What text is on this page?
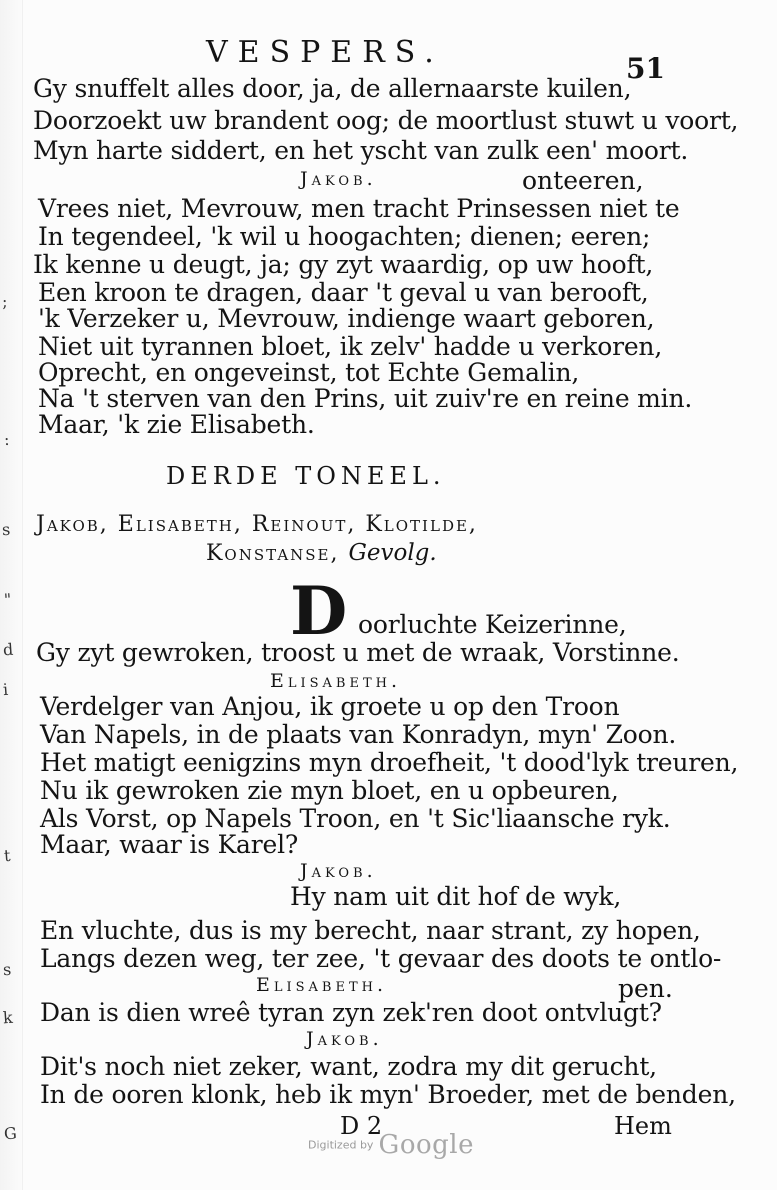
;
:
s
"
d
i
t
s
k
G
VESPERS.	51
Gy snuffelt alles door, ja, de allernaarste kuilen,
Doorzoekt uw brandent oog; de moortlust stuwt u voort,
Myn harte siddert, en het yscht van zulk een' moort.
Jakob.	onteeren,
Vrees niet, Mevrouw, men tracht Prinsessen niet te
In tegendeel, 'k wil u hoogachten; dienen; eeren;
Ik kenne u deugt, ja; gy zyt waardig, op uw hooft,
Een kroon te dragen, daar 't geval u van berooft,
'k Verzeker u, Mevrouw, indienge waart geboren,
Niet uit tyrannen bloet, ik zelv' hadde u verkoren,
Oprecht, en ongeveinst, tot Echte Gemalin,
Na 't sterven van den Prins, uit zuiv're en reine min.
Maar, 'k zie Elisabeth.
DERDE TONEEL.
Jakob, Elisabeth, Reinout, Klotilde,
Konstanse, Gevolg.
D oorluchte Keizerinne,
Gy zyt gewroken, troost u met de wraak, Vorstinne.
Elisabeth.
Verdelger van Anjou, ik groete u op den Troon
Van Napels, in de plaats van Konradyn, myn' Zoon.
Het matigt eenigzins myn droefheit, 't dood'lyk treuren,
Nu ik gewroken zie myn bloet, en u opbeuren,
Als Vorst, op Napels Troon, en 't Sic'liaansche ryk.
Maar, waar is Karel?
Jakob.
Hy nam uit dit hof de wyk,
En vluchte, dus is my berecht, naar strant, zy hopen,
Langs dezen weg, ter zee, 't gevaar des doots te ontlo-
Elisabeth.	pen.
Dan is dien wreê tyran zyn zek'ren doot ontvlugt?
Jakob.
Dit's noch niet zeker, want, zodra my dit gerucht,
In de ooren klonk, heb ik myn' Broeder, met de benden,
D 2	Hem
Digitized by Google
